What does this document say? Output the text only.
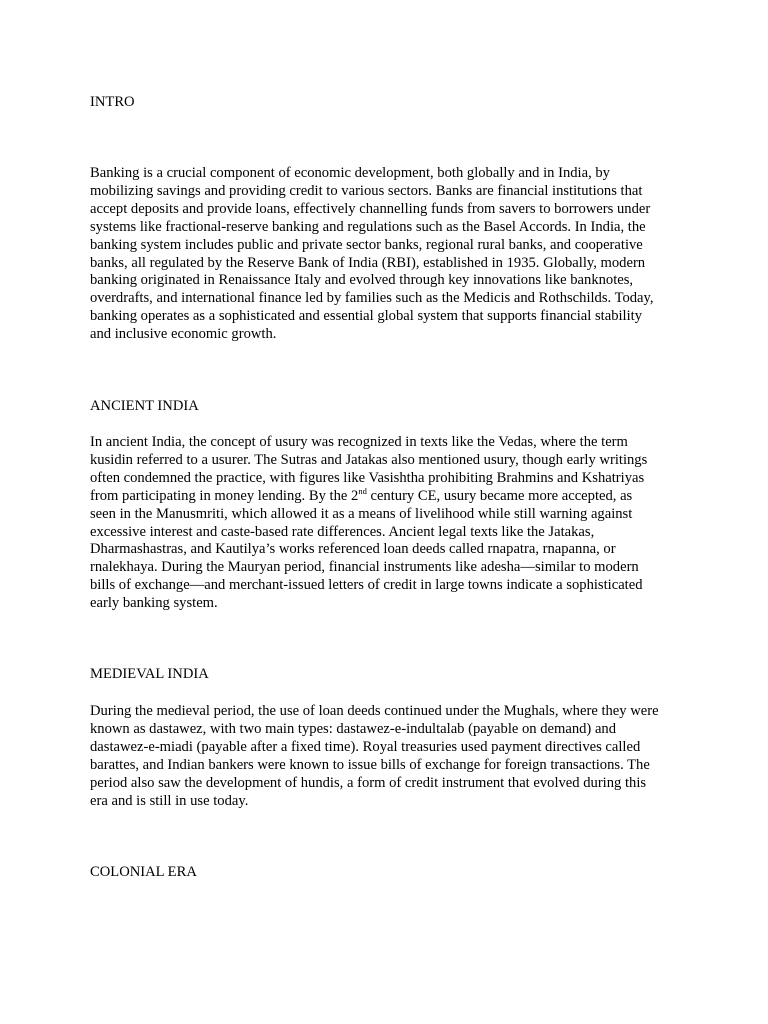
INTRO

Banking is a crucial component of economic development, both globally and in India, by
mobilizing savings and providing credit to various sectors. Banks are financial institutions that
accept deposits and provide loans, effectively channelling funds from savers to borrowers under
systems like fractional-reserve banking and regulations such as the Basel Accords. In India, the
banking system includes public and private sector banks, regional rural banks, and cooperative
banks, all regulated by the Reserve Bank of India (RBI), established in 1935. Globally, modern
banking originated in Renaissance Italy and evolved through key innovations like banknotes,
overdrafts, and international finance led by families such as the Medicis and Rothschilds. Today,
banking operates as a sophisticated and essential global system that supports financial stability
and inclusive economic growth.

ANCIENT INDIA

In ancient India, the concept of usury was recognized in texts like the Vedas, where the term
kusidin referred to a usurer. The Sutras and Jatakas also mentioned usury, though early writings
often condemned the practice, with figures like Vasishtha prohibiting Brahmins and Kshatriyas
from participating in money lending. By the 2nd century CE, usury became more accepted, as
seen in the Manusmriti, which allowed it as a means of livelihood while still warning against
excessive interest and caste-based rate differences. Ancient legal texts like the Jatakas,
Dharmashastras, and Kautilya’s works referenced loan deeds called rnapatra, rnapanna, or
rnalekhaya. During the Mauryan period, financial instruments like adesha—similar to modern
bills of exchange—and merchant-issued letters of credit in large towns indicate a sophisticated
early banking system.

MEDIEVAL INDIA

During the medieval period, the use of loan deeds continued under the Mughals, where they were
known as dastawez, with two main types: dastawez-e-indultalab (payable on demand) and
dastawez-e-miadi (payable after a fixed time). Royal treasuries used payment directives called
barattes, and Indian bankers were known to issue bills of exchange for foreign transactions. The
period also saw the development of hundis, a form of credit instrument that evolved during this
era and is still in use today.

COLONIAL ERA
